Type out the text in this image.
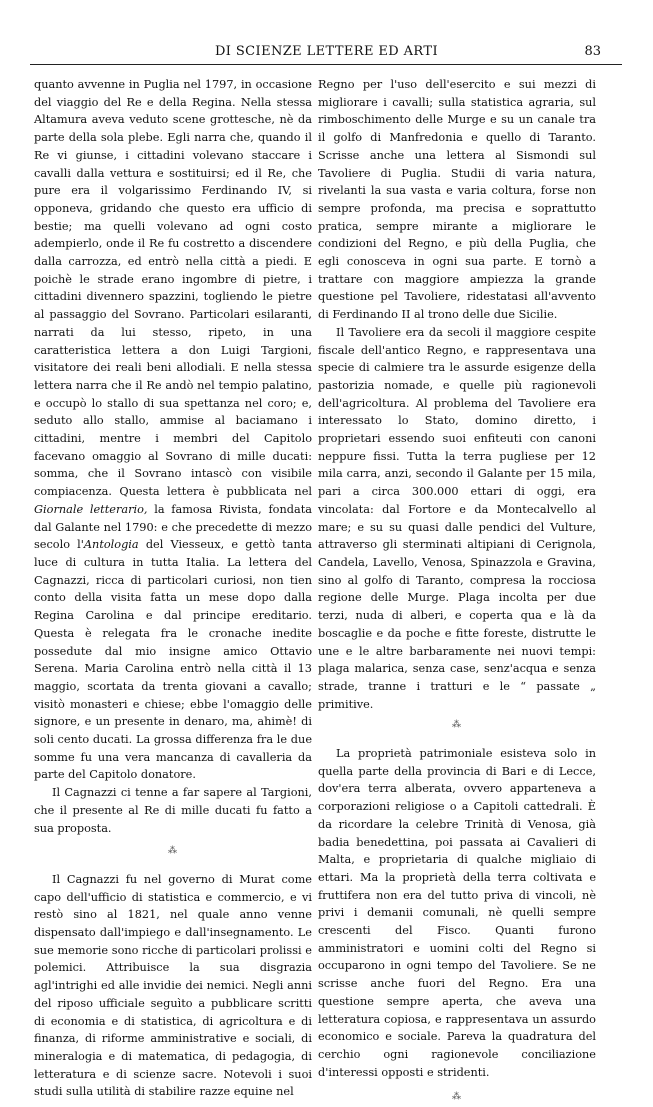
DI SCIENZE LETTERE ED ARTI	83

quanto avvenne in Puglia nel 1797, in occasione del viaggio del Re e della Regina. Nella stessa Altamura aveva veduto scene grottesche, nè da parte della sola plebe. Egli narra che, quando il Re vi giunse, i cittadini volevano staccare i cavalli dalla vettura e sostituirsi; ed il Re, che pure era il volgarissimo Ferdinando IV, si opponeva, gridando che questo era ufficio di bestie; ma quelli volevano ad ogni costo adempierlo, onde il Re fu costretto a discendere dalla carrozza, ed entrò nella città a piedi. E poichè le strade erano ingombre di pietre, i cittadini divennero spazzini, togliendo le pietre al passaggio del Sovrano. Particolari esilaranti, narrati da lui stesso, ripeto, in una caratteristica lettera a don Luigi Targioni, visitatore dei reali beni allodiali. E nella stessa lettera narra che il Re andò nel tempio palatino, e occupò lo stallo di sua spettanza nel coro; e, seduto allo stallo, ammise al baciamano i cittadini, mentre i membri del Capitolo facevano omaggio al Sovrano di mille ducati: somma, che il Sovrano intascò con visibile compiacenza. Questa lettera è pubblicata nel Giornale letterario, la famosa Rivista, fondata dal Galante nel 1790: e che precedette di mezzo secolo l'Antologia del Viesseux, e gettò tanta luce di cultura in tutta Italia. La lettera del Cagnazzi, ricca di particolari curiosi, non tien conto della visita fatta un mese dopo dalla Regina Carolina e dal principe ereditario. Questa è relegata fra le cronache inedite possedute dal mio insigne amico Ottavio Serena. Maria Carolina entrò nella città il 13 maggio, scortata da trenta giovani a cavallo; visitò monasteri e chiese; ebbe l'omaggio delle signore, e un presente in denaro, ma, ahimè! di soli cento ducati. La grossa differenza fra le due somme fu una vera mancanza di cavalleria da parte del Capitolo donatore.

Il Cagnazzi ci tenne a far sapere al Targioni, che il presente al Re di mille ducati fu fatto a sua proposta.

⁂

Il Cagnazzi fu nel governo di Murat come capo dell'ufficio di statistica e commercio, e vi restò sino al 1821, nel quale anno venne dispensato dall'impiego e dall'insegnamento. Le sue memorie sono ricche di particolari prolissi e polemici. Attribuisce la sua disgrazia agl'intrighi ed alle invidie dei nemici. Negli anni del riposo ufficiale seguìto a pubblicare scritti di economia e di statistica, di agricoltura e di finanza, di riforme amministrative e sociali, di mineralogia e di matematica, di pedagogia, di letteratura e di scienze sacre. Notevoli i suoi studi sulla utilità di stabilire razze equine nel

Regno per l'uso dell'esercito e sui mezzi di migliorare i cavalli; sulla statistica agraria, sul rimboschimento delle Murge e su un canale tra il golfo di Manfredonia e quello di Taranto. Scrisse anche una lettera al Sismondi sul Tavoliere di Puglia. Studii di varia natura, rivelanti la sua vasta e varia coltura, forse non sempre profonda, ma precisa e soprattutto pratica, sempre mirante a migliorare le condizioni del Regno, e più della Puglia, che egli conosceva in ogni sua parte. E tornò a trattare con maggiore ampiezza la grande questione pel Tavoliere, ridestatasi all'avvento di Ferdinando II al trono delle due Sicilie.

Il Tavoliere era da secoli il maggiore cespite fiscale dell'antico Regno, e rappresentava una specie di calmiere tra le assurde esigenze della pastorizia nomade, e quelle più ragionevoli dell'agricoltura. Al problema del Tavoliere era interessato lo Stato, domino diretto, i proprietari essendo suoi enfiteuti con canoni neppure fissi. Tutta la terra pugliese per 12 mila carra, anzi, secondo il Galante per 15 mila, pari a circa 300.000 ettari di oggi, era vincolata: dal Fortore e da Montecalvello al mare; e su su quasi dalle pendici del Vulture, attraverso gli sterminati altipiani di Cerignola, Candela, Lavello, Venosa, Spinazzola e Gravina, sino al golfo di Taranto, compresa la rocciosa regione delle Murge. Plaga incolta per due terzi, nuda di alberi, e coperta qua e là da boscaglie e da poche e fitte foreste, distrutte le une e le altre barbaramente nei nuovi tempi: plaga malarica, senza case, senz'acqua e senza strade, tranne i tratturi e le “ passate „ primitive.

⁂

La proprietà patrimoniale esisteva solo in quella parte della provincia di Bari e di Lecce, dov'era terra alberata, ovvero appartenevа a corporazioni religiose o a Capitoli cattedrali. È da ricordare la celebre Trinità di Venosa, già badia benedettina, poi passata ai Cavalieri di Malta, e proprietaria di qualche migliaio di ettari. Ma la proprietà della terra coltivata e fruttifera non era del tutto priva di vincoli, nè privi i demanii comunali, nè quelli sempre crescenti del Fisco. Quanti furono amministratori e uomini colti del Regno si occuparono in ogni tempo del Tavoliere. Se ne scrisse anche fuori del Regno. Era una questione sempre aperta, che aveva una letteratura copiosa, e rappresentava un assurdo economico e sociale. Pareva la quadratura del cerchio ogni ragionevole conciliazione d'interessi opposti e stridenti.

⁂
